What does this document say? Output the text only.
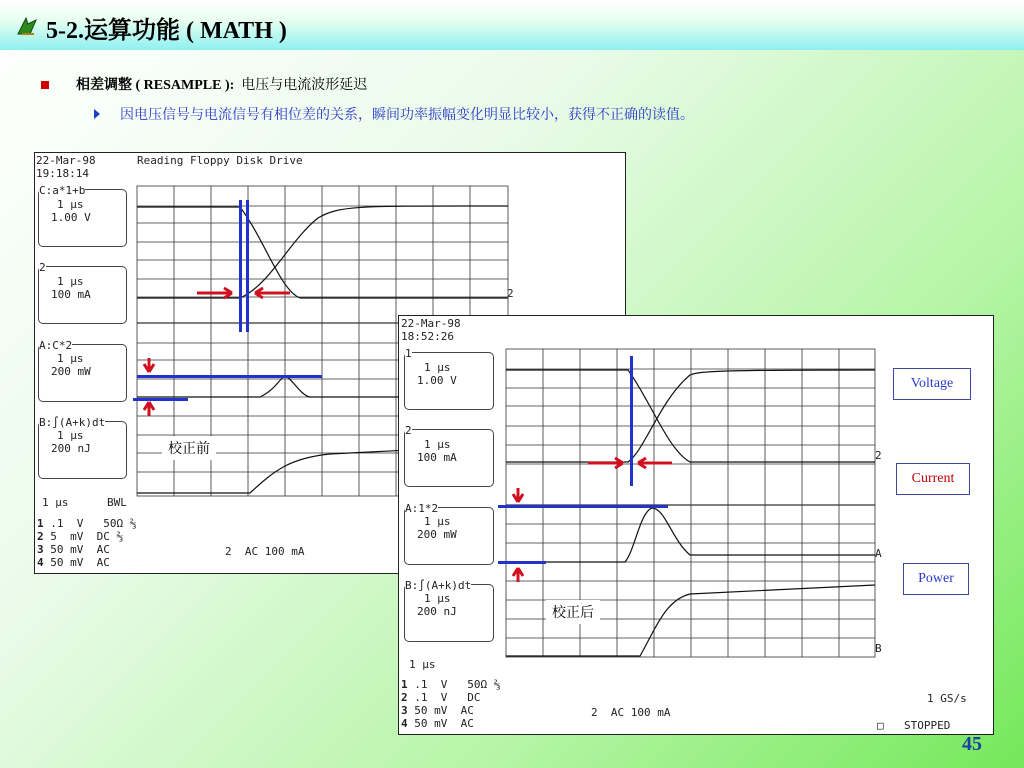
5-2.运算功能 ( MATH )
相差调整 ( RESAMPLE ): 电压与电流波形延迟
因电压信号与电流信号有相位差的关系，瞬间功率振幅变化明显比较小，获得不正确的读值。
22-Mar-98
19:18:14
Reading Floppy Disk Drive
C:a*1+b
1 μs
1.00 V
2
1 μs
100 mA
A:C*2
1 μs
200 mW
B:∫(A+k)dt
1 μs
200 nJ
1 μs	BWL
1 .1  V   50Ω ⅔
2 5  mV  DC ⅔
3 50 mV  AC
4 50 mV  AC
2  AC 100 mA
2
校正前
22-Mar-98
18:52:26
1
1 μs
1.00 V
2
1 μs
100 mA
A:1*2
1 μs
200 mW
B:∫(A+k)dt
1 μs
200 nJ
1 μs
1 .1  V   50Ω ⅔
2 .1  V   DC
3 50 mV  AC
4 50 mV  AC
2  AC 100 mA
1 GS/s
□ STOPPED
2
A
B
校正后
Voltage
Current
Power
45
